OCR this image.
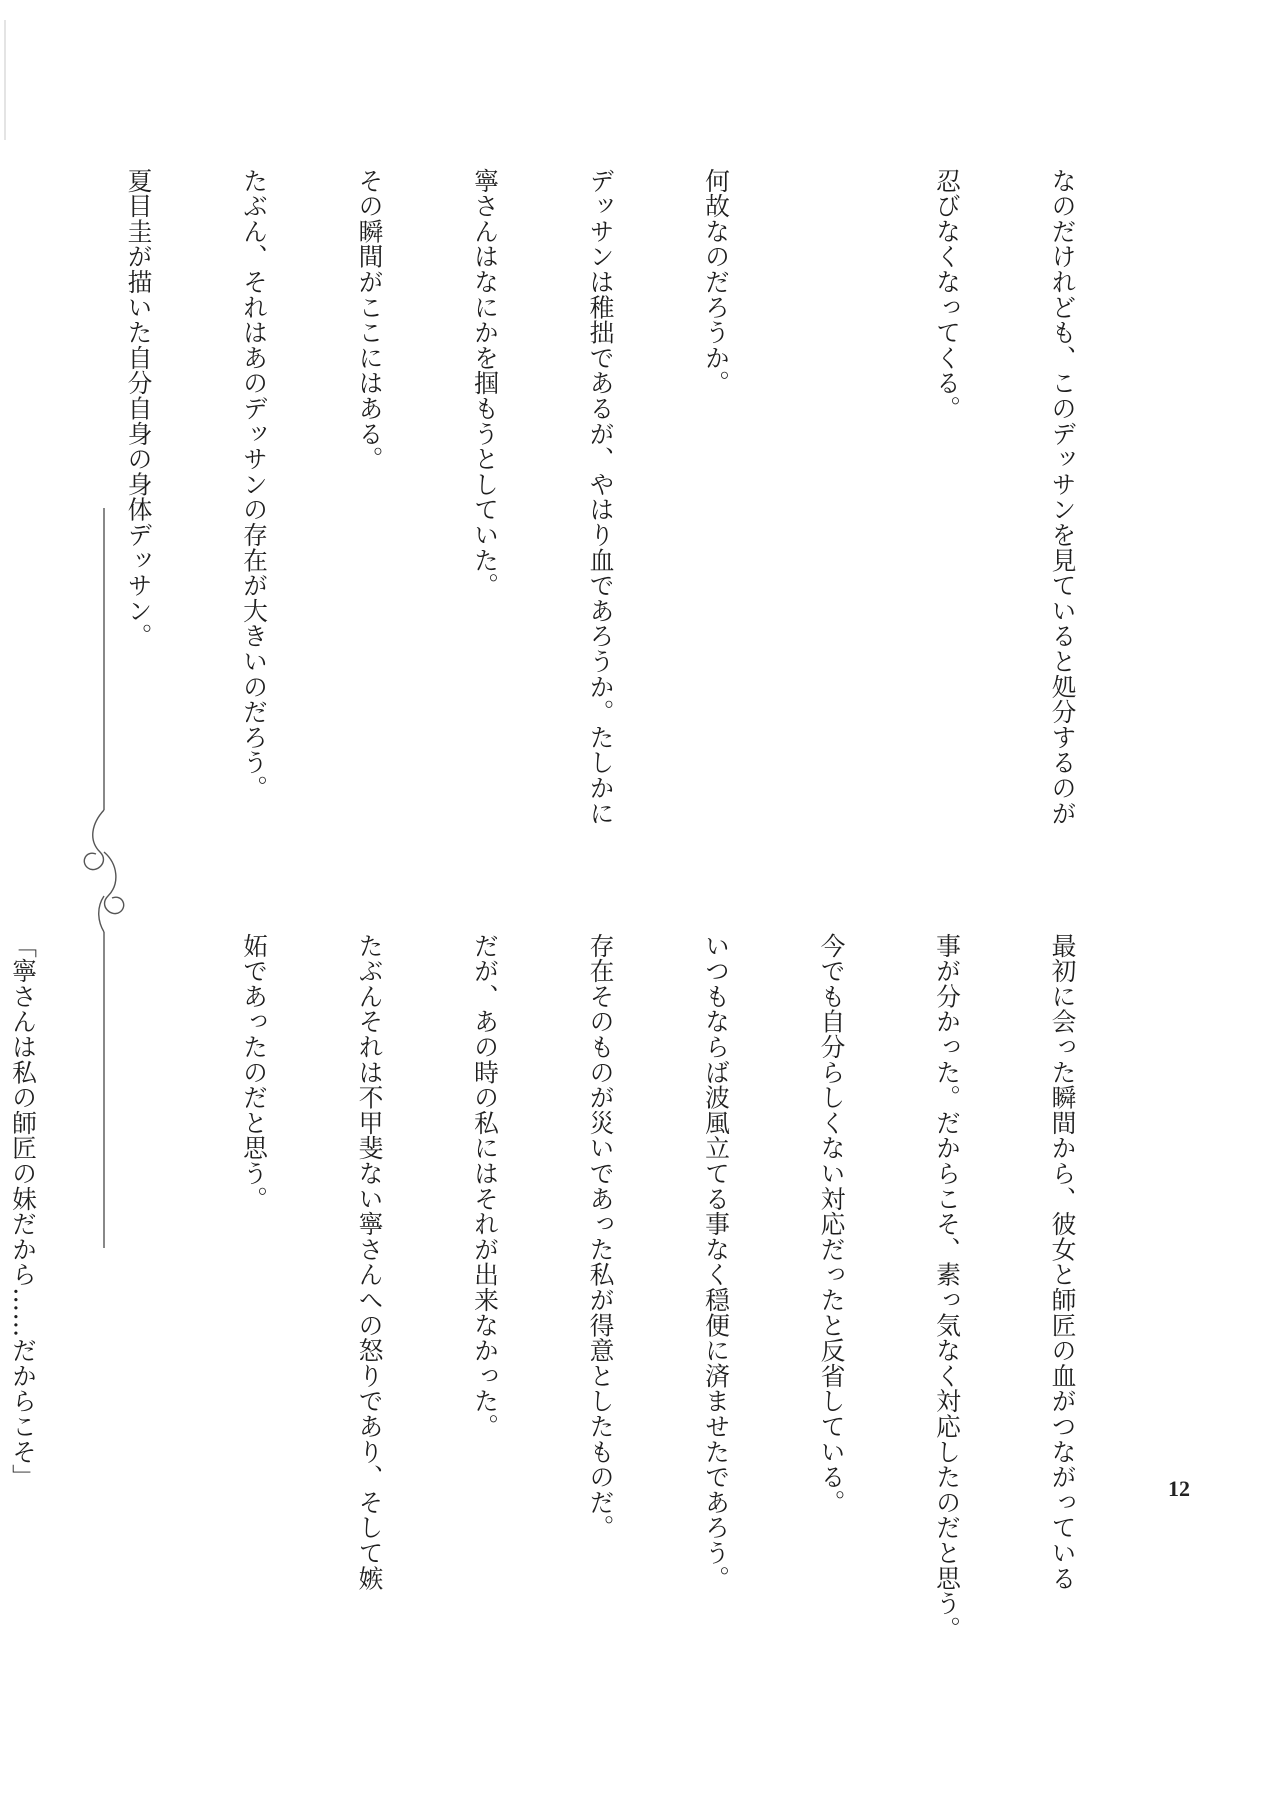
なのだけれども、このデッサンを見ていると処分するのが

忍びなくなってくる。

何故なのだろうか。

デッサンは稚拙であるが、やはり血であろうか。たしかに

寧さんはなにかを掴もうとしていた。

その瞬間がここにはある。

たぶん、それはあのデッサンの存在が大きいのだろう。

夏目圭が描いた自分自身の身体デッサン。

最初に会った瞬間から、彼女と師匠の血がつながっている

事が分かった。だからこそ、素っ気なく対応したのだと思う。

今でも自分らしくない対応だったと反省している。

いつもならば波風立てる事なく穏便に済ませたであろう。

存在そのものが災いであった私が得意としたものだ。

だが、あの時の私にはそれが出来なかった。

たぶんそれは不甲斐ない寧さんへの怒りであり、そして嫉

妬であったのだと思う。

「寧さんは私の師匠の妹だから……だからこそ」

	12
